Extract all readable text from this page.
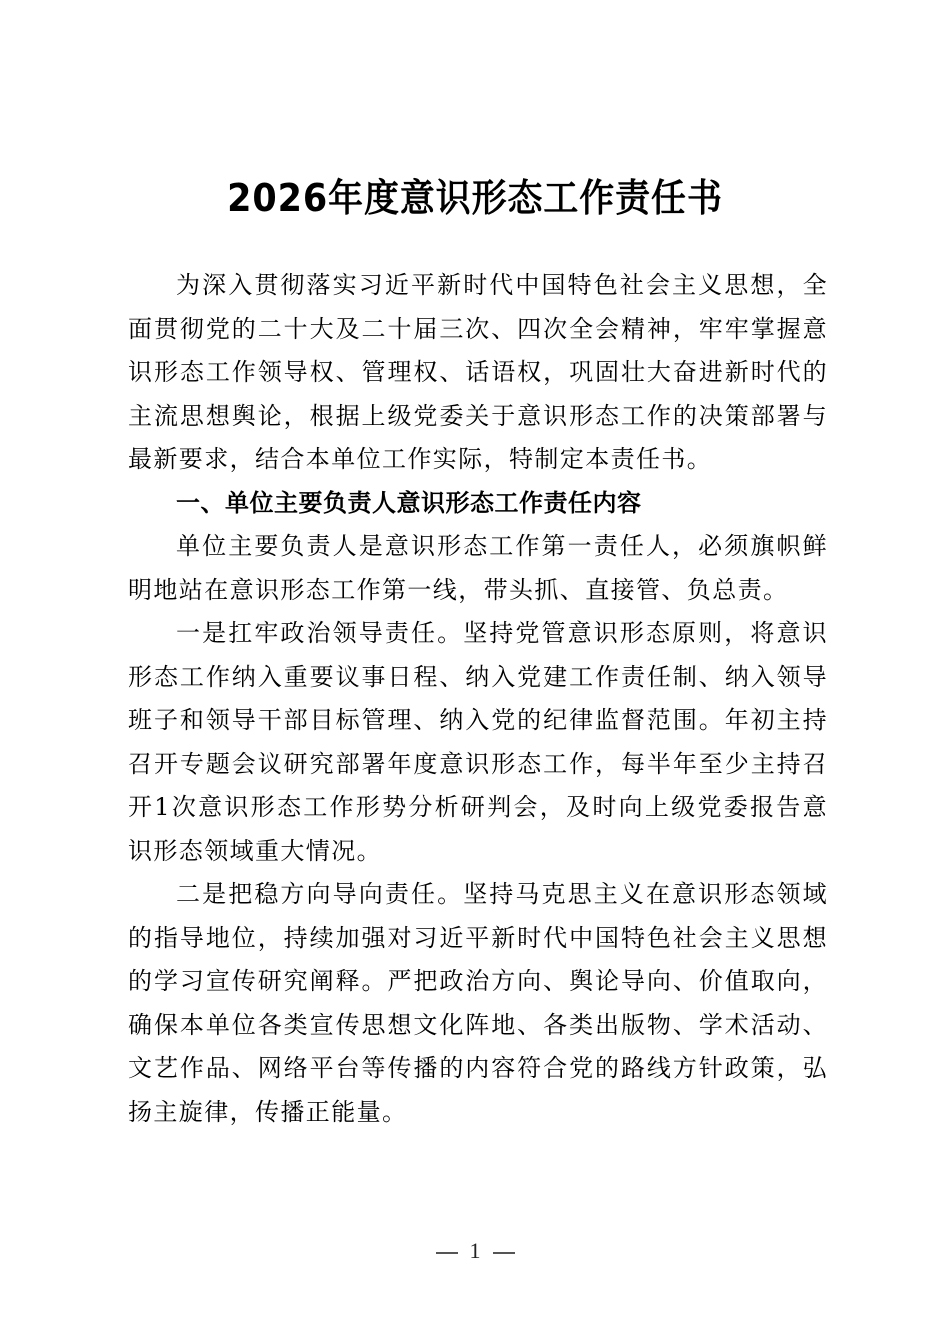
2026年度意识形态工作责任书

为深入贯彻落实习近平新时代中国特色社会主义思想，全面贯彻党的二十大及二十届三次、四次全会精神，牢牢掌握意识形态工作领导权、管理权、话语权，巩固壮大奋进新时代的主流思想舆论，根据上级党委关于意识形态工作的决策部署与最新要求，结合本单位工作实际，特制定本责任书。

一、单位主要负责人意识形态工作责任内容

单位主要负责人是意识形态工作第一责任人，必须旗帜鲜明地站在意识形态工作第一线，带头抓、直接管、负总责。

一是扛牢政治领导责任。坚持党管意识形态原则，将意识形态工作纳入重要议事日程、纳入党建工作责任制、纳入领导班子和领导干部目标管理、纳入党的纪律监督范围。年初主持召开专题会议研究部署年度意识形态工作，每半年至少主持召开1次意识形态工作形势分析研判会，及时向上级党委报告意识形态领域重大情况。

二是把稳方向导向责任。坚持马克思主义在意识形态领域的指导地位，持续加强对习近平新时代中国特色社会主义思想的学习宣传研究阐释。严把政治方向、舆论导向、价值取向，确保本单位各类宣传思想文化阵地、各类出版物、学术活动、文艺作品、网络平台等传播的内容符合党的路线方针政策，弘扬主旋律，传播正能量。

1
